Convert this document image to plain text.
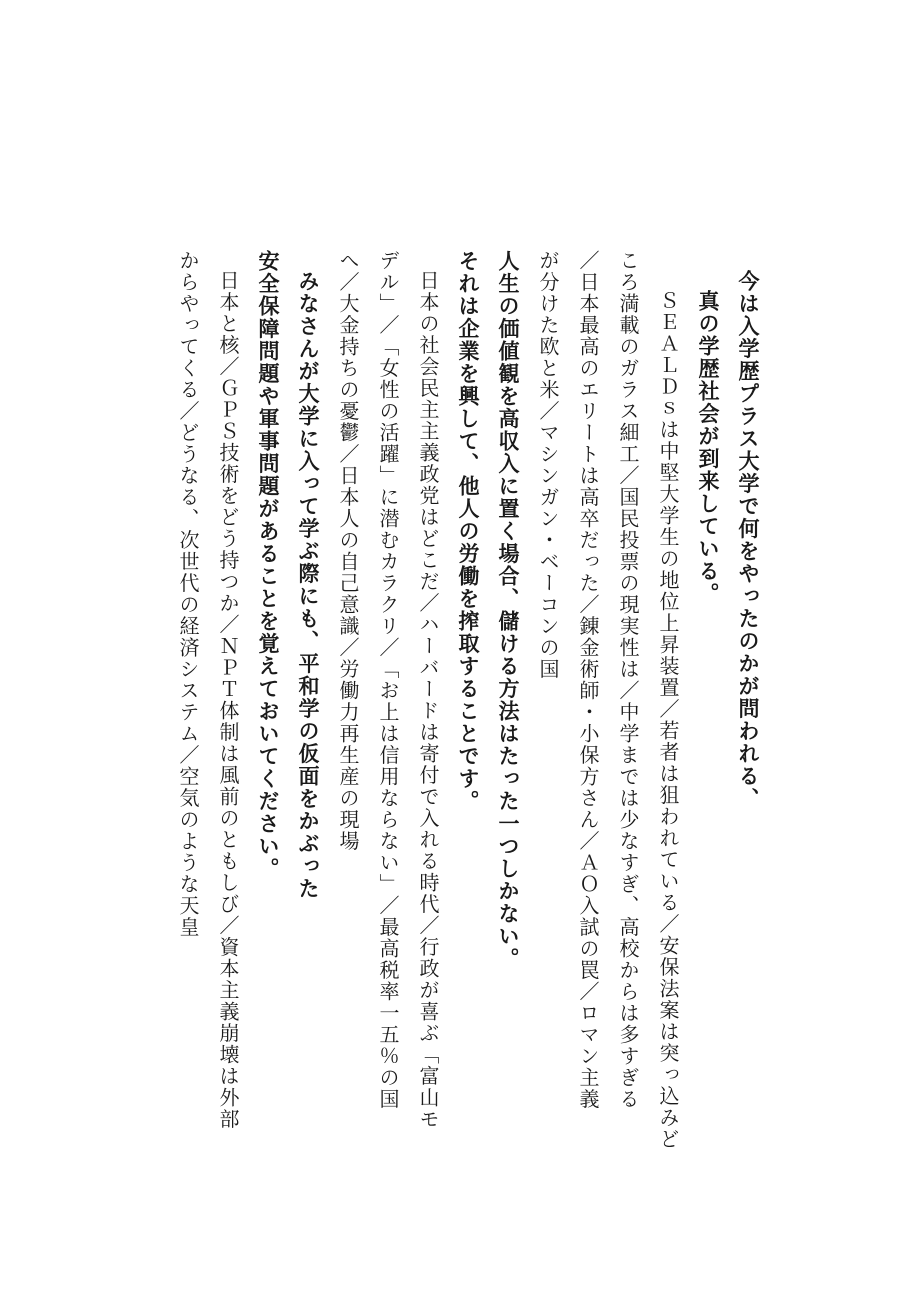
今は入学歴プラス大学で何をやったのかが問われる、
真の学歴社会が到来している。
ＳＥＡＬＤｓは中堅大学生の地位上昇装置／若者は狙われている／安保法案は突っ込みど
ころ満載のガラス細工／国民投票の現実性は／中学までは少なすぎ、高校からは多すぎる
／日本最高のエリートは高卒だった／錬金術師・小保方さん／ＡＯ入試の罠／ロマン主義
が分けた欧と米／マシンガン・ベーコンの国
人生の価値観を高収入に置く場合、儲ける方法はたった一つしかない。
それは企業を興して、他人の労働を搾取することです。
日本の社会民主主義政党はどこだ／ハーバードは寄付で入れる時代／行政が喜ぶ「富山モ
デル」／「女性の活躍」に潜むカラクリ／「お上は信用ならない」／最高税率一五％の国
へ／大金持ちの憂鬱／日本人の自己意識／労働力再生産の現場
みなさんが大学に入って学ぶ際にも、平和学の仮面をかぶった
安全保障問題や軍事問題があることを覚えておいてください。
日本と核／ＧＰＳ技術をどう持つか／ＮＰＴ体制は風前のともしび／資本主義崩壊は外部
からやってくる／どうなる、次世代の経済システム／空気のような天皇
